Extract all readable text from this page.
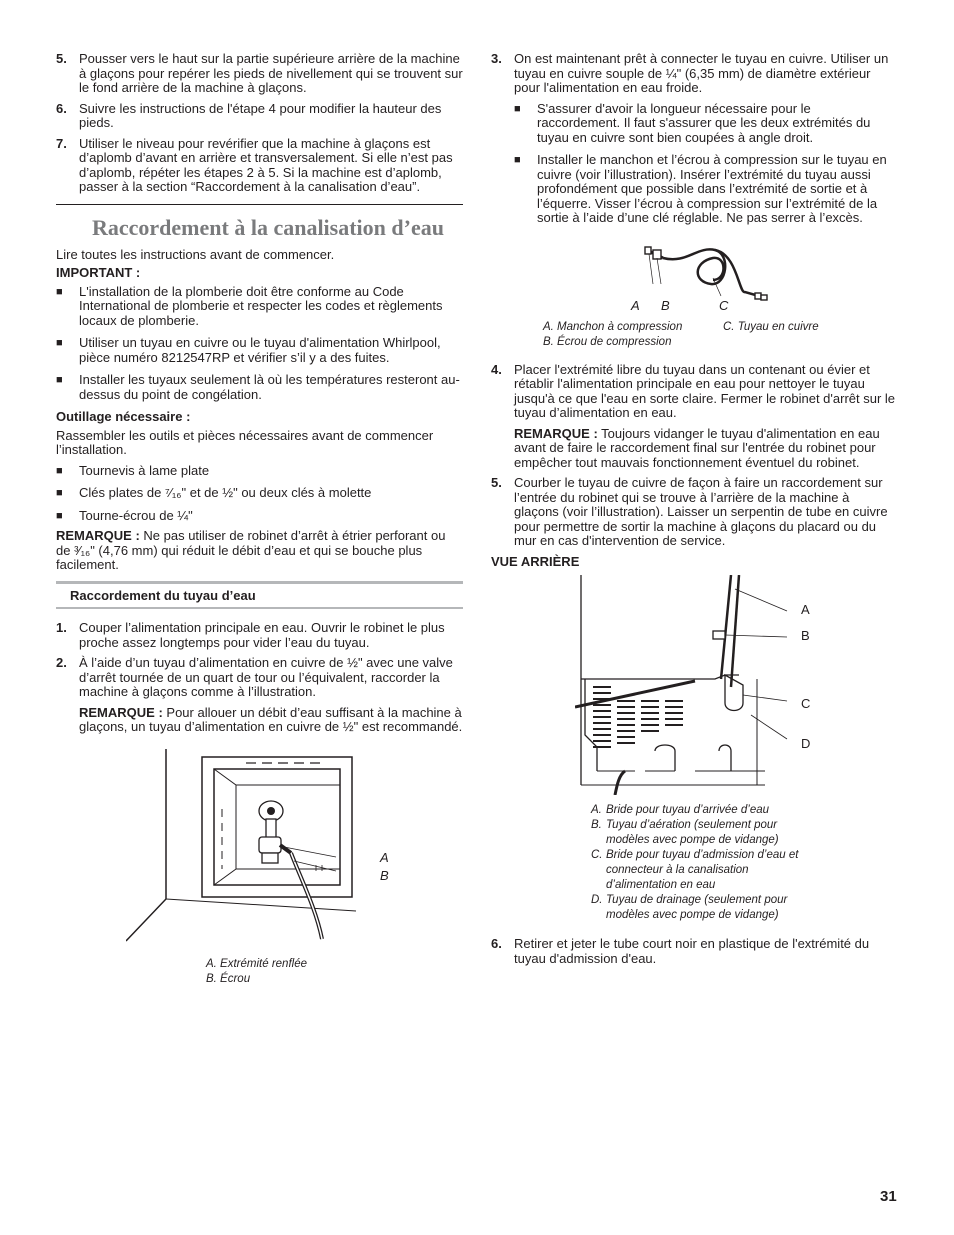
5. Pousser vers le haut sur la partie supérieure arrière de la machine à glaçons pour repérer les pieds de nivellement qui se trouvent sur le fond arrière de la machine à glaçons.
6. Suivre les instructions de l'étape 4 pour modifier la hauteur des pieds.
7. Utiliser le niveau pour revérifier que la machine à glaçons est d’aplomb d’avant en arrière et transversalement. Si elle n’est pas d’aplomb, répéter les étapes 2 à 5. Si la machine est d’aplomb, passer à la section “Raccordement à la canalisation d’eau”.
Raccordement à la canalisation d’eau

Lire toutes les instructions avant de commencer.

IMPORTANT :

■	L'installation de la plomberie doit être conforme au Code International de plomberie et respecter les codes et règlements locaux de plomberie.
■	Utiliser un tuyau en cuivre ou le tuyau d'alimentation Whirlpool, pièce numéro 8212547RP et vérifier s’il y a des fuites.
■	Installer les tuyaux seulement là où les températures resteront au-dessus du point de congélation.

Outillage nécessaire :

Rassembler les outils et pièces nécessaires avant de commencer l’installation.

■	Tournevis à lame plate
■	Clés plates de ⁷⁄₁₆" et de ½" ou deux clés à molette
■	Tourne-écrou de ¼"

REMARQUE : Ne pas utiliser de robinet d’arrêt à étrier perforant ou de ³⁄₁₆" (4,76 mm) qui réduit le débit d’eau et qui se bouche plus facilement.

Raccordement du tuyau d’eau
1. Couper l’alimentation principale en eau. Ouvrir le robinet le plus proche assez longtemps pour vider l’eau du tuyau.
2. À l’aide d’un tuyau d’alimentation en cuivre de ½" avec une valve d’arrêt tournée de un quart de tour ou l’équivalent, raccorder la machine à glaçons comme à l’illustration.

REMARQUE : Pour allouer un débit d’eau suffisant à la machine à glaçons, un tuyau d’alimentation en cuivre de ½" est recommandé.

A
B
A. Extrémité renflée
B. Écrou
3. On est maintenant prêt à connecter le tuyau en cuivre. Utiliser un tuyau en cuivre souple de ¼" (6,35 mm) de diamètre extérieur pour l'alimentation en eau froide.
■	S'assurer d'avoir la longueur nécessaire pour le raccordement. Il faut s'assurer que les deux extrémités du tuyau en cuivre sont bien coupées à angle droit.
■	Installer le manchon et l’écrou à compression sur le tuyau en cuivre (voir l’illustration). Insérer l’extrémité du tuyau aussi profondément que possible dans l’extrémité de sortie et à l’équerre. Visser l’écrou à compression sur l’extrémité de la sortie à l’aide d’une clé réglable. Ne pas serrer à l’excès.
A B	C
A. Manchon à compression
B. Écrou de compression
C. Tuyau en cuivre
4. Placer l'extrémité libre du tuyau dans un contenant ou évier et rétablir l'alimentation principale en eau pour nettoyer le tuyau jusqu'à ce que l'eau en sorte claire. Fermer le robinet d'arrêt sur le tuyau d’alimentation en eau.

REMARQUE : Toujours vidanger le tuyau d'alimentation en eau avant de faire le raccordement final sur l'entrée du robinet pour empêcher tout mauvais fonctionnement éventuel du robinet.

5. Courber le tuyau de cuivre de façon à faire un raccordement sur l’entrée du robinet qui se trouve à l’arrière de la machine à glaçons (voir l’illustration). Laisser un serpentin de tube en cuivre pour permettre de sortir la machine à glaçons du placard ou du mur en cas d'intervention de service.

VUE ARRIÈRE

A
B
C
D
A. Bride pour tuyau d’arrivée d’eau
B. Tuyau d’aération (seulement pour modèles avec pompe de vidange)
C. Bride pour tuyau d’admission d’eau et connecteur à la canalisation d’alimentation en eau
D. Tuyau de drainage (seulement pour modèles avec pompe de vidange)
6. Retirer et jeter le tube court noir en plastique de l'extrémité du tuyau d'admission d'eau.
31
